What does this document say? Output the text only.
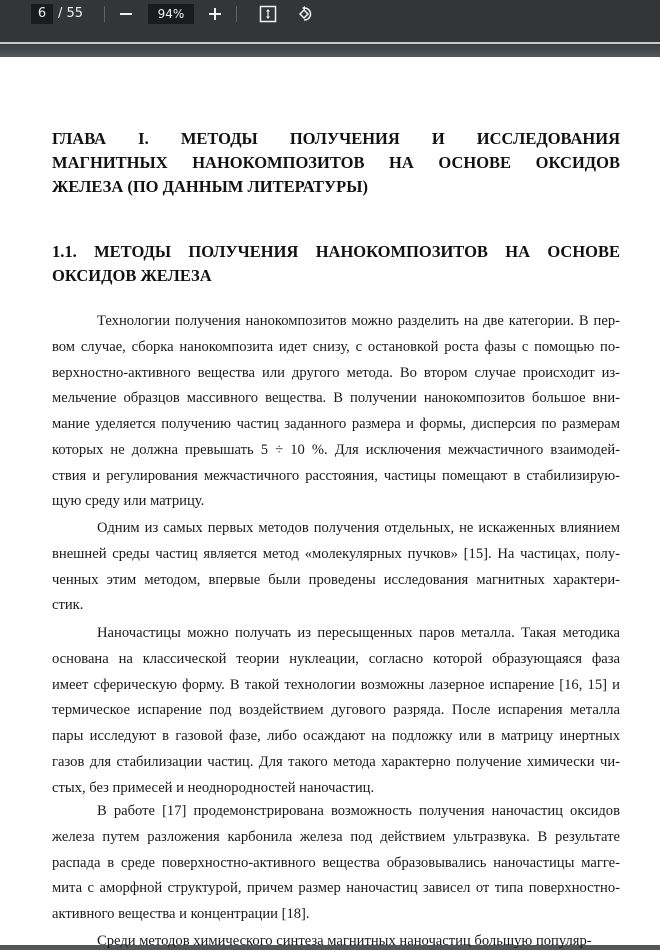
6 / 55	94%
ГЛАВА I. МЕТОДЫ ПОЛУЧЕНИЯ И ИССЛЕДОВАНИЯ
МАГНИТНЫХ НАНОКОМПОЗИТОВ НА ОСНОВЕ ОКСИДОВ
ЖЕЛЕЗА (ПО ДАННЫМ ЛИТЕРАТУРЫ)
1.1. МЕТОДЫ ПОЛУЧЕНИЯ НАНОКОМПОЗИТОВ НА ОСНОВЕ
ОКСИДОВ ЖЕЛЕЗА
Технологии получения нанокомпозитов можно разделить на две категории. В пер-
вом случае, сборка нанокомпозита идет снизу, с остановкой роста фазы с помощью по-
верхностно-активного вещества или другого метода. Во втором случае происходит из-
мельчение образцов массивного вещества. В получении нанокомпозитов большое вни-
мание уделяется получению частиц заданного размера и формы, дисперсия по размерам
которых не должна превышать 5 ÷ 10 %. Для исключения межчастичного взаимодей-
ствия и регулирования межчастичного расстояния, частицы помещают в стабилизирую-
щую среду или матрицу.
Одним из самых первых методов получения отдельных, не искаженных влиянием
внешней среды частиц является метод «молекулярных пучков» [15]. На частицах, полу-
ченных этим методом, впервые были проведены исследования магнитных характери-
стик.
Наночастицы можно получать из пересыщенных паров металла. Такая методика
основана на классической теории нуклеации, согласно которой образующаяся фаза
имеет сферическую форму. В такой технологии возможны лазерное испарение [16, 15] и
термическое испарение под воздействием дугового разряда. После испарения металла
пары исследуют в газовой фазе, либо осаждают на подложку или в матрицу инертных
газов для стабилизации частиц. Для такого метода характерно получение химически чи-
стых, без примесей и неоднородностей наночастиц.
В работе [17] продемонстрирована возможность получения наночастиц оксидов
железа путем разложения карбонила железа под действием ультразвука. В результате
распада в среде поверхностно-активного вещества образовывались наночастицы магге-
мита с аморфной структурой, причем размер наночастиц зависел от типа поверхностно-
активного вещества и концентрации [18].
Среди методов химического синтеза магнитных наночастиц большую популяр-
